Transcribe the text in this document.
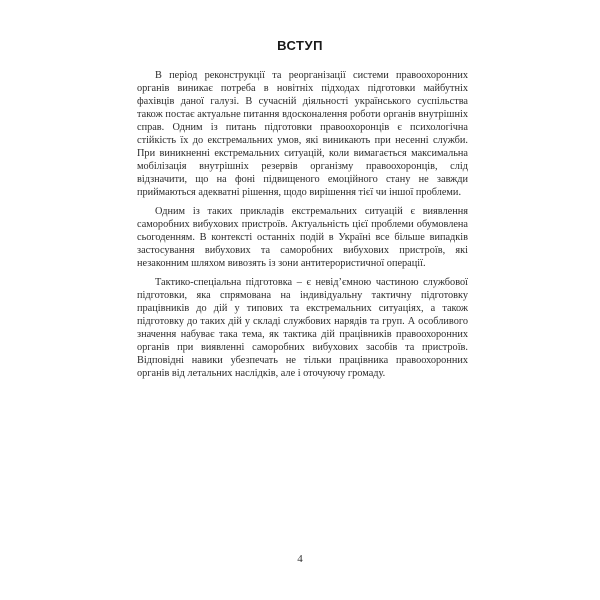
ВСТУП

В період реконструкції та реорганізації системи правоохоронних органів виникає потреба в новітніх підходах підготовки майбутніх фахівців даної галузі. В сучасній діяльності українського суспільства також постає актуальне питання вдосконалення роботи органів внутрішніх справ. Одним із питань підготовки правоохоронців є психологічна стійкість їх до екстремальних умов, які виникають при несенні служби. При виникненні екстремальних ситуацій, коли вимагається максимальна мобілізація внутрішніх резервів організму правоохоронців, слід відзначити, що на фоні підвищеного емоційного стану не завжди приймаються адекватні рішення, щодо вирішення тієї чи іншої проблеми.

Одним із таких прикладів екстремальних ситуацій є виявлення саморобних вибухових пристроїв. Актуальність цієї проблеми обумовлена сьогоденням. В контексті останніх подій в Україні все більше випадків застосування вибухових та саморобних вибухових пристроїв, які незаконним шляхом вивозять із зони антитерористичної операції.

Тактико-спеціальна підготовка – є невід’ємною частиною службової підготовки, яка спрямована на індивідуальну тактичну підготовку працівників до дій у типових та екстремальних ситуаціях, а також підготовку до таких дій у складі службових нарядів та груп. А особливого значення набуває така тема, як тактика дій працівників правоохоронних органів при виявленні саморобних вибухових засобів та пристроїв. Відповідні навики убезпечать не тільки працівника правоохоронних органів від летальних наслідків, але і оточуючу громаду.

4
